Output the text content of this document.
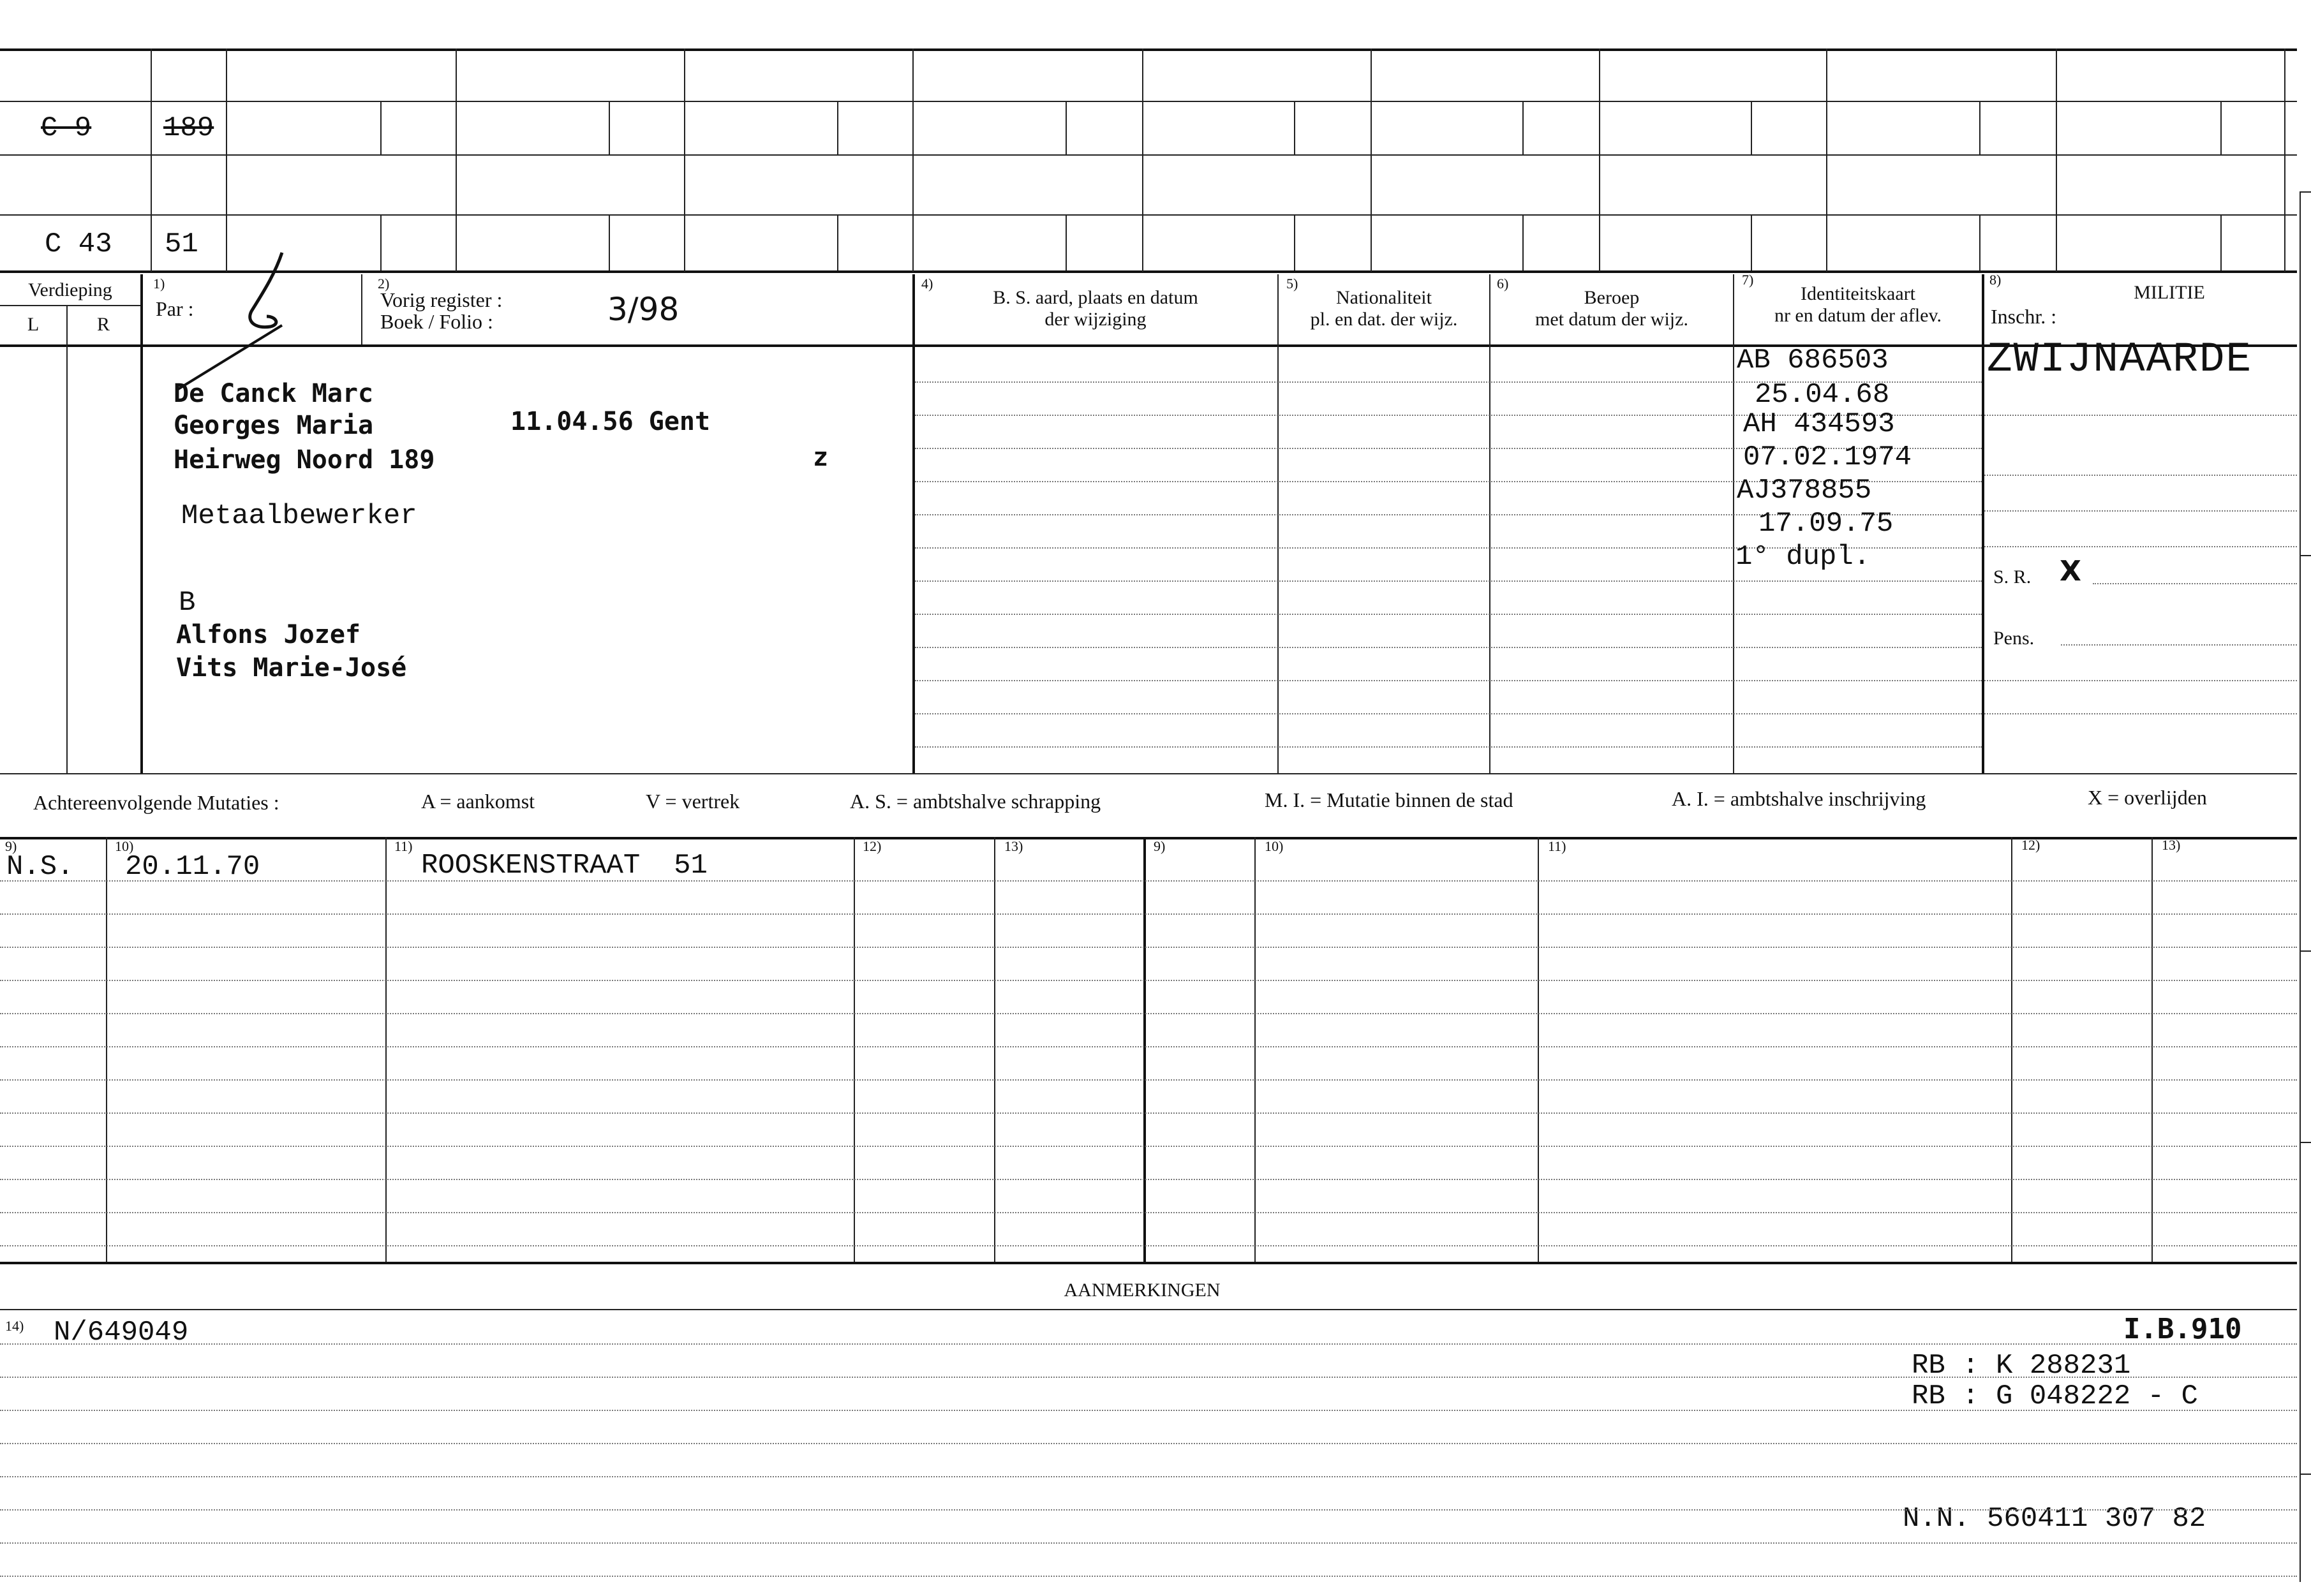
C 9	189
C 43 51
Verdieping
L	R
1)
Par :
2)
Vorig register :
Boek / Folio :	3/98
4)
B. S. aard, plaats en datum
der wijziging
5)
Nationaliteit
pl. en dat. der wijz.
6)
Beroep
met datum der wijz.
7)
Identiteitskaart
nr en datum der aflev.
8)
MILITIE
Inschr. :
De Canck Marc
Georges Maria	11.04.56 Gent
Heirweg Noord 189	z
Metaalbewerker
B
Alfons Jozef
Vits Marie-José
AB 686503
25.04.68
AH 434593
07.02.1974
AJ378855
17.09.75
1° dupl.
ZWIJNAARDE
S. R. X
Pens.
Achtereenvolgende Mutaties :	A = aankomst	V = vertrek	A. S. = ambtshalve schrapping	M. I. = Mutatie binnen de stad	A. I. = ambtshalve inschrijving	X = overlijden
9)	10)	11)	12)	13)	9)	10)	11)	12)	13)
N.S. 20.11.70	ROOSKENSTRAAT  51
AANMERKINGEN
14) N/649049	I.B.910
RB : K 288231
RB : G 048222 - C
N.N. 560411 307 82
